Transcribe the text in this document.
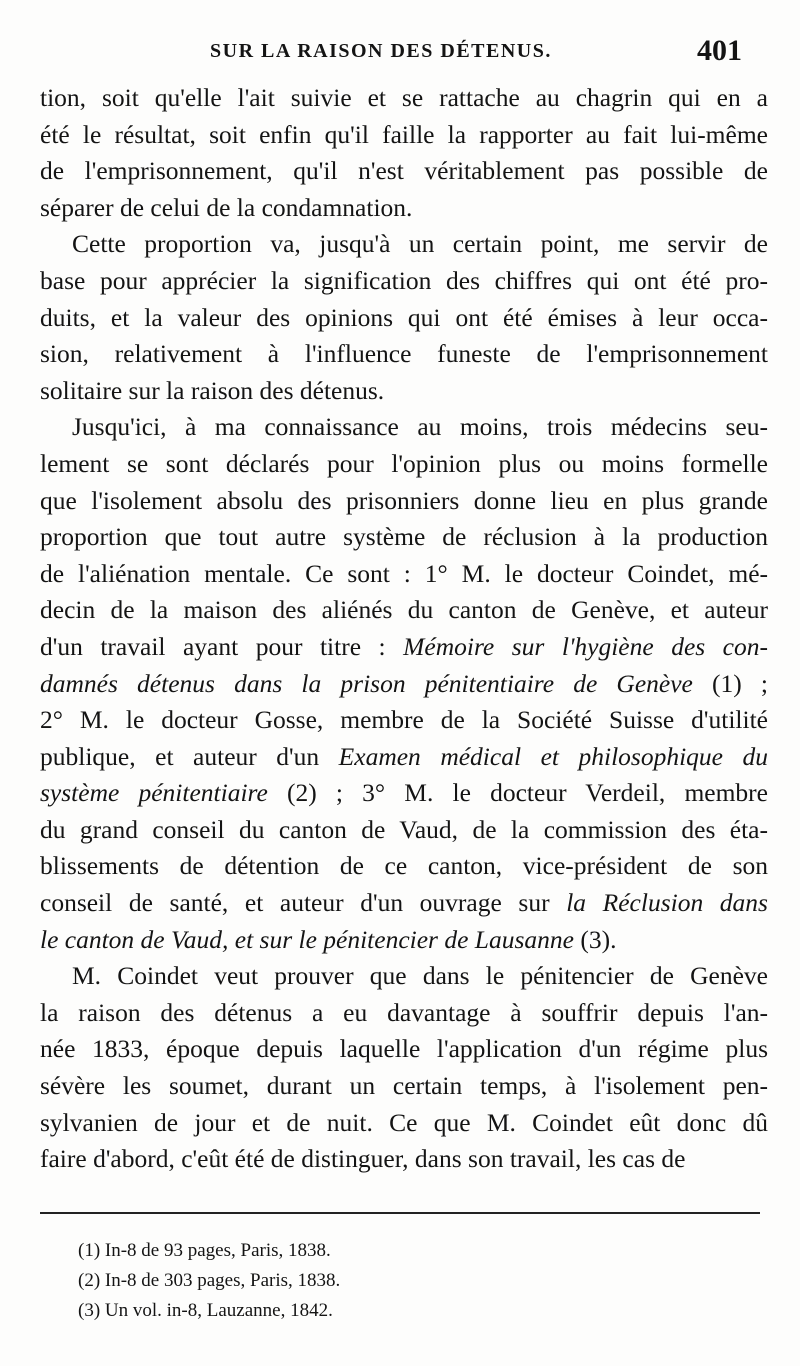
SUR LA RAISON DES DÉTENUS.	401
tion, soit qu'elle l'ait suivie et se rattache au chagrin qui en a
été le résultat, soit enfin qu'il faille la rapporter au fait lui-même
de l'emprisonnement, qu'il n'est véritablement pas possible de
séparer de celui de la condamnation.
Cette proportion va, jusqu'à un certain point, me servir de
base pour apprécier la signification des chiffres qui ont été pro-
duits, et la valeur des opinions qui ont été émises à leur occa-
sion, relativement à l'influence funeste de l'emprisonnement
solitaire sur la raison des détenus.
Jusqu'ici, à ma connaissance au moins, trois médecins seu-
lement se sont déclarés pour l'opinion plus ou moins formelle
que l'isolement absolu des prisonniers donne lieu en plus grande
proportion que tout autre système de réclusion à la production
de l'aliénation mentale. Ce sont : 1° M. le docteur Coindet, mé-
decin de la maison des aliénés du canton de Genève, et auteur
d'un travail ayant pour titre : Mémoire sur l'hygiène des con-
damnés détenus dans la prison pénitentiaire de Genève (1) ;
2° M. le docteur Gosse, membre de la Société Suisse d'utilité
publique, et auteur d'un Examen médical et philosophique du
système pénitentiaire (2) ; 3° M. le docteur Verdeil, membre
du grand conseil du canton de Vaud, de la commission des éta-
blissements de détention de ce canton, vice-président de son
conseil de santé, et auteur d'un ouvrage sur la Réclusion dans
le canton de Vaud, et sur le pénitencier de Lausanne (3).
M. Coindet veut prouver que dans le pénitencier de Genève
la raison des détenus a eu davantage à souffrir depuis l'an-
née 1833, époque depuis laquelle l'application d'un régime plus
sévère les soumet, durant un certain temps, à l'isolement pen-
sylvanien de jour et de nuit. Ce que M. Coindet eût donc dû
faire d'abord, c'eût été de distinguer, dans son travail, les cas de
(1) In-8 de 93 pages, Paris, 1838.
(2) In-8 de 303 pages, Paris, 1838.
(3) Un vol. in-8, Lauzanne, 1842.
